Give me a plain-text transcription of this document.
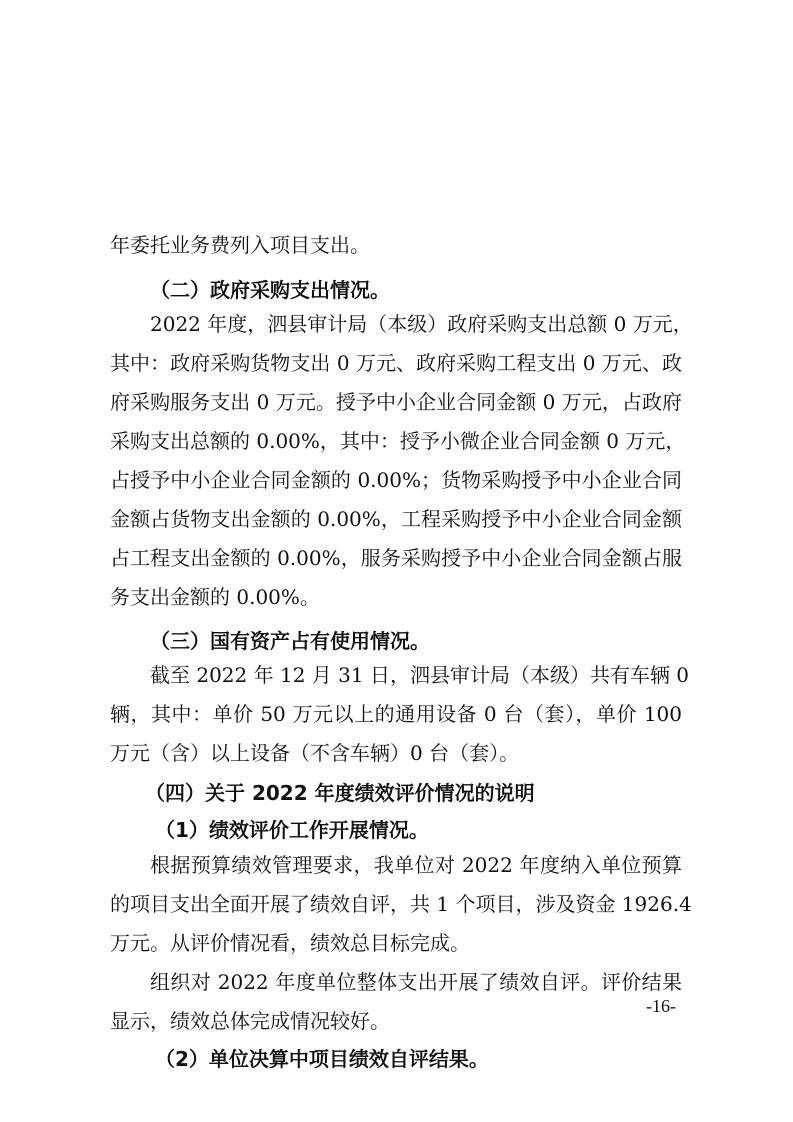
年委托业务费列入项目支出。

（二）政府采购支出情况。

2022 年度，泗县审计局（本级）政府采购支出总额 0 万元，

其中：政府采购货物支出 0 万元、政府采购工程支出 0 万元、政

府采购服务支出 0 万元。授予中小企业合同金额 0 万元，占政府

采购支出总额的 0.00%，其中：授予小微企业合同金额 0 万元，

占授予中小企业合同金额的 0.00%；货物采购授予中小企业合同

金额占货物支出金额的 0.00%，工程采购授予中小企业合同金额

占工程支出金额的 0.00%，服务采购授予中小企业合同金额占服

务支出金额的 0.00%。

（三）国有资产占有使用情况。

截至 2022 年 12 月 31 日，泗县审计局（本级）共有车辆 0

辆，其中：单价 50 万元以上的通用设备 0 台（套），单价 100

万元（含）以上设备（不含车辆）0 台（套）。

（四）关于 2022 年度绩效评价情况的说明

（1）绩效评价工作开展情况。

根据预算绩效管理要求，我单位对 2022 年度纳入单位预算

的项目支出全面开展了绩效自评，共 1 个项目，涉及资金 1926.4

万元。从评价情况看，绩效总目标完成。

组织对 2022 年度单位整体支出开展了绩效自评。评价结果

显示，绩效总体完成情况较好。

（2）单位决算中项目绩效自评结果。

-16-
